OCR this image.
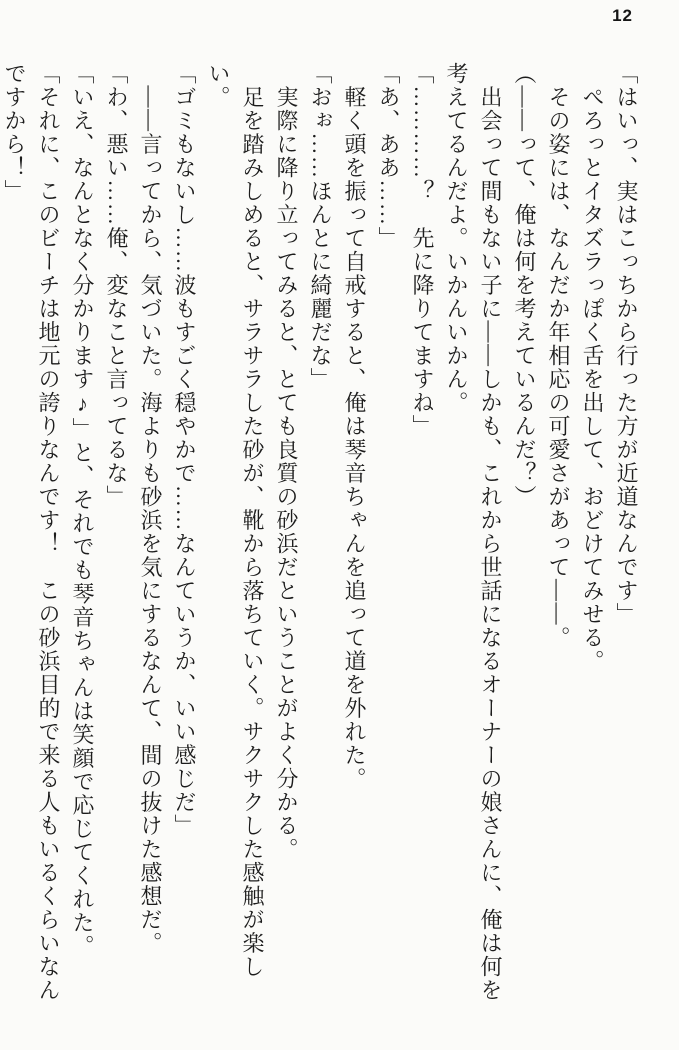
12

「はいっ、実はこっちから行った方が近道なんです」

　ぺろっとイタズラっぽく舌を出して、おどけてみせる。

　その姿には、なんだか年相応の可愛さがあって――。

（――って、俺は何を考えているんだ？）

　出会って間もない子に――しかも、これから世話になるオーナーの娘さんに、俺は何を考えてるんだよ。いかんいかん。

「…………？　先に降りてますね」

「あ、ああ……」

　軽く頭を振って自戒すると、俺は琴音ちゃんを追って道を外れた。

「おぉ……ほんとに綺麗だな」

　実際に降り立ってみると、とても良質の砂浜だということがよく分かる。

　足を踏みしめると、サラサラした砂が、靴から落ちていく。サクサクした感触が楽しい。

「ゴミもないし……波もすごく穏やかで……なんていうか、いい感じだ」

　――言ってから、気づいた。海よりも砂浜を気にするなんて、間の抜けた感想だ。

「わ、悪い……俺、変なこと言ってるな」

「いえ、なんとなく分かります♪」と、それでも琴音ちゃんは笑顔で応じてくれた。

「それに、このビーチは地元の誇りなんです！　この砂浜目的で来る人もいるくらいなんですから！」
